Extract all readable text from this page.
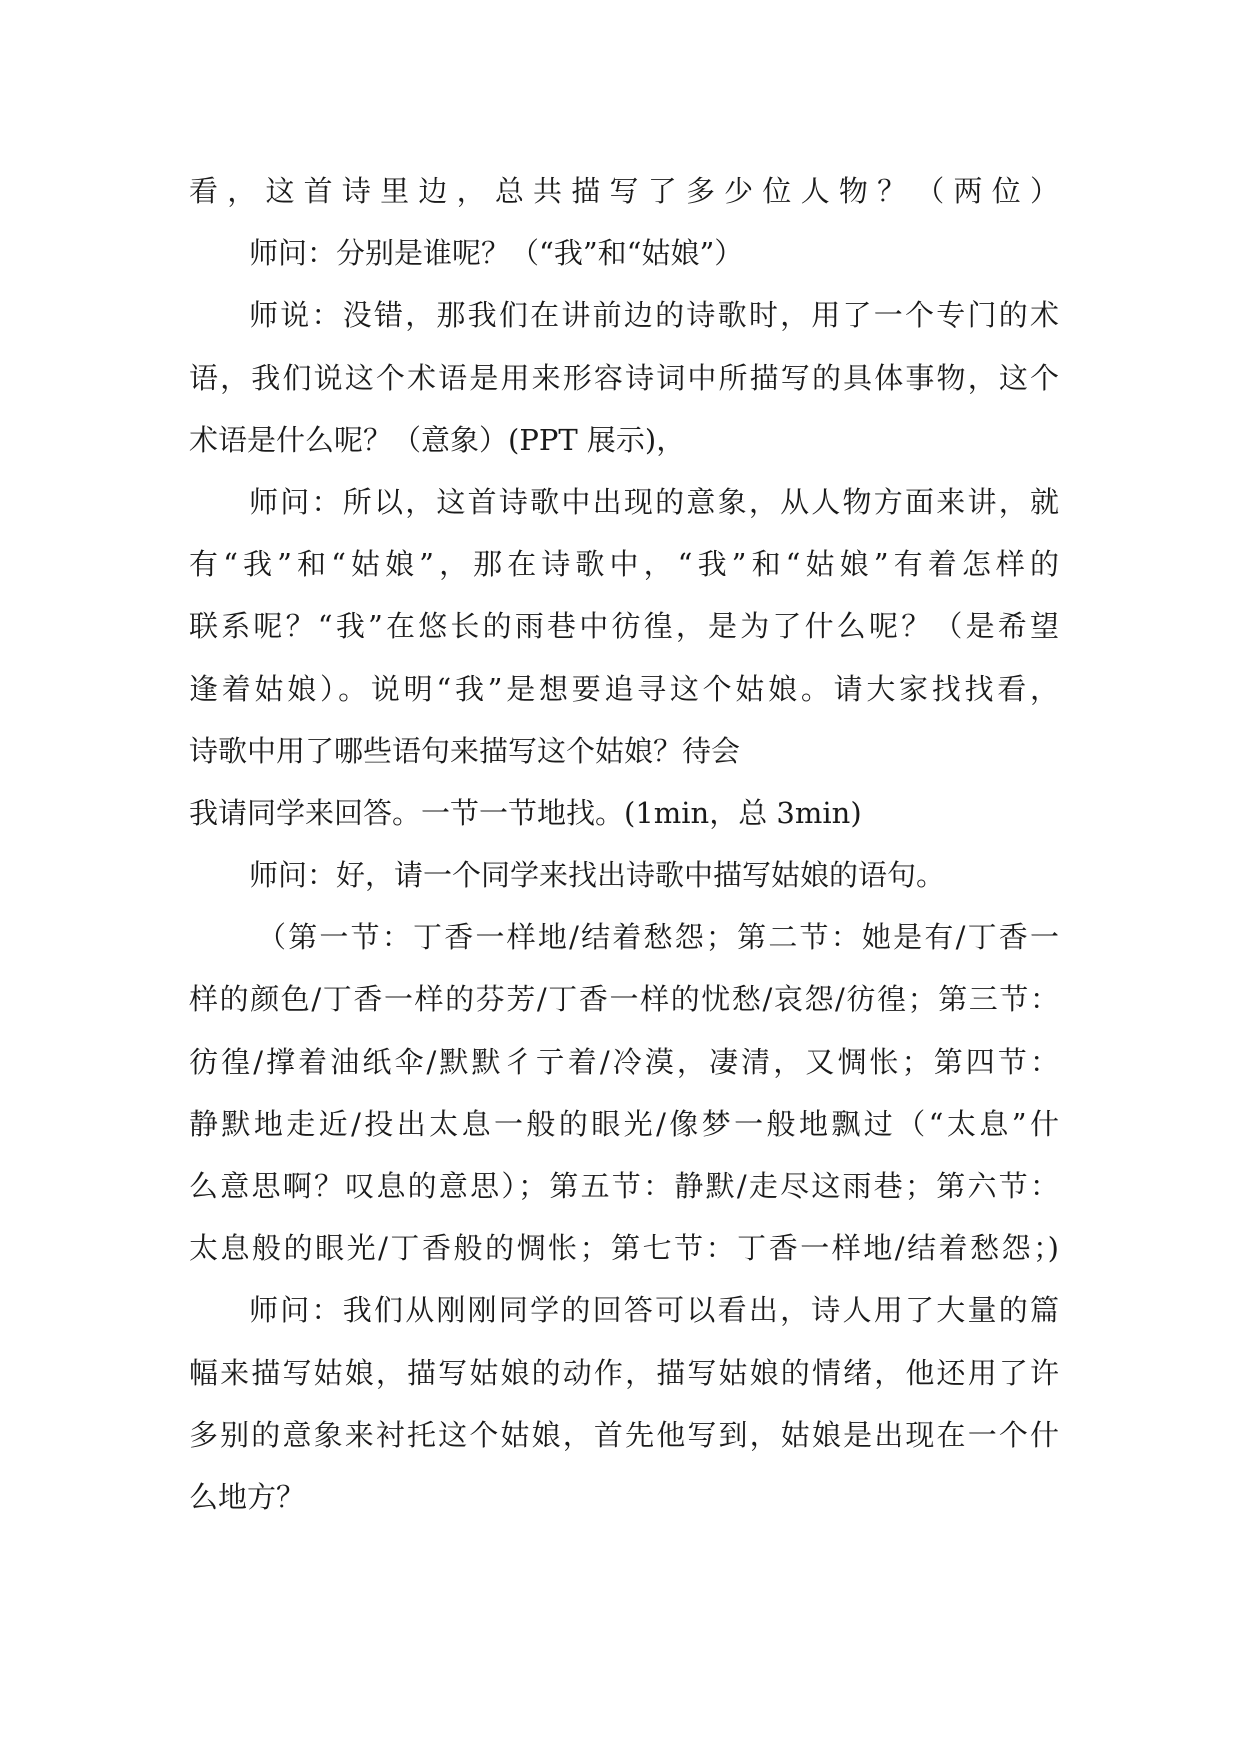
看，这首诗里边，总共描写了多少位人物？（两位）
师问：分别是谁呢？（“我”和“姑娘”）
师说：没错，那我们在讲前边的诗歌时，用了一个专门的术
语，我们说这个术语是用来形容诗词中所描写的具体事物，这个
术语是什么呢？（意象）(PPT 展示)，
师问：所以，这首诗歌中出现的意象，从人物方面来讲，就
有“我”和“姑娘”，那在诗歌中，“我”和“姑娘”有着怎样的
联系呢？“我”在悠长的雨巷中彷徨，是为了什么呢？（是希望
逢着姑娘）。说明“我”是想要追寻这个姑娘。请大家找找看，
诗歌中用了哪些语句来描写这个姑娘？待会
我请同学来回答。一节一节地找。(1min，总 3min)
师问：好，请一个同学来找出诗歌中描写姑娘的语句。
（第一节：丁香一样地/结着愁怨；第二节：她是有/丁香一
样的颜色/丁香一样的芬芳/丁香一样的忧愁/哀怨/彷徨；第三节：
彷徨/撑着油纸伞/默默彳亍着/冷漠，凄清，又惆怅；第四节：
静默地走近/投出太息一般的眼光/像梦一般地飘过（“太息”什
么意思啊？叹息的意思）；第五节：静默/走尽这雨巷；第六节：
太息般的眼光/丁香般的惆怅；第七节：丁香一样地/结着愁怨；)
师问：我们从刚刚同学的回答可以看出，诗人用了大量的篇
幅来描写姑娘，描写姑娘的动作，描写姑娘的情绪，他还用了许
多别的意象来衬托这个姑娘，首先他写到，姑娘是出现在一个什
么地方？
